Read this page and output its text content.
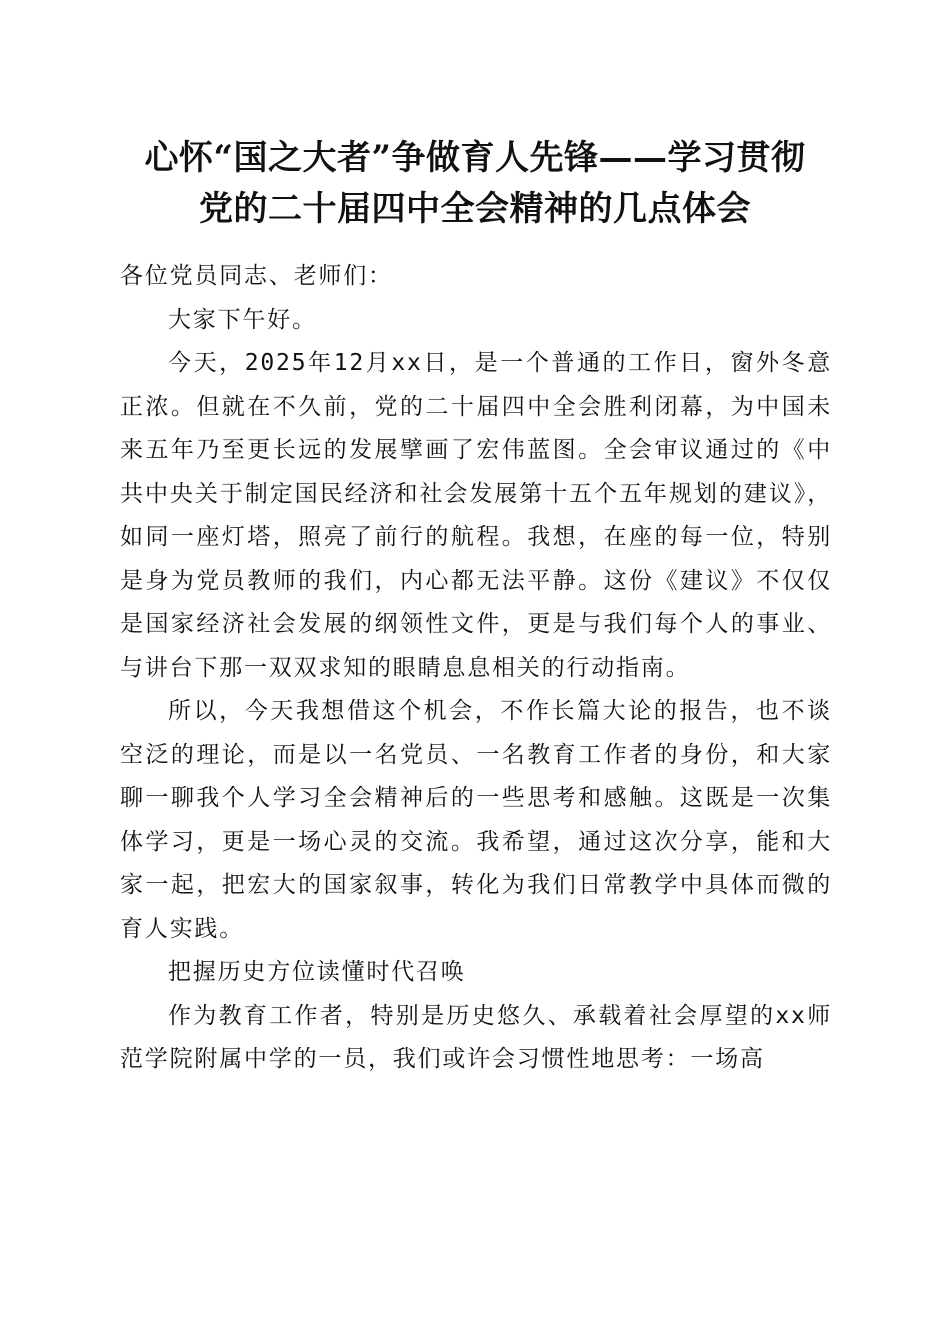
心怀“国之大者”争做育人先锋——学习贯彻
党的二十届四中全会精神的几点体会

各位党员同志、老师们：

大家下午好。

今天，2025年12月xx日，是一个普通的工作日，窗外冬意正浓。但就在不久前，党的二十届四中全会胜利闭幕，为中国未来五年乃至更长远的发展擘画了宏伟蓝图。全会审议通过的《中共中央关于制定国民经济和社会发展第十五个五年规划的建议》，如同一座灯塔，照亮了前行的航程。我想，在座的每一位，特别是身为党员教师的我们，内心都无法平静。这份《建议》不仅仅是国家经济社会发展的纲领性文件，更是与我们每个人的事业、与讲台下那一双双求知的眼睛息息相关的行动指南。

所以，今天我想借这个机会，不作长篇大论的报告，也不谈空泛的理论，而是以一名党员、一名教育工作者的身份，和大家聊一聊我个人学习全会精神后的一些思考和感触。这既是一次集体学习，更是一场心灵的交流。我希望，通过这次分享，能和大家一起，把宏大的国家叙事，转化为我们日常教学中具体而微的育人实践。

把握历史方位读懂时代召唤

作为教育工作者，特别是历史悠久、承载着社会厚望的xx师范学院附属中学的一员，我们或许会习惯性地思考：一场高
